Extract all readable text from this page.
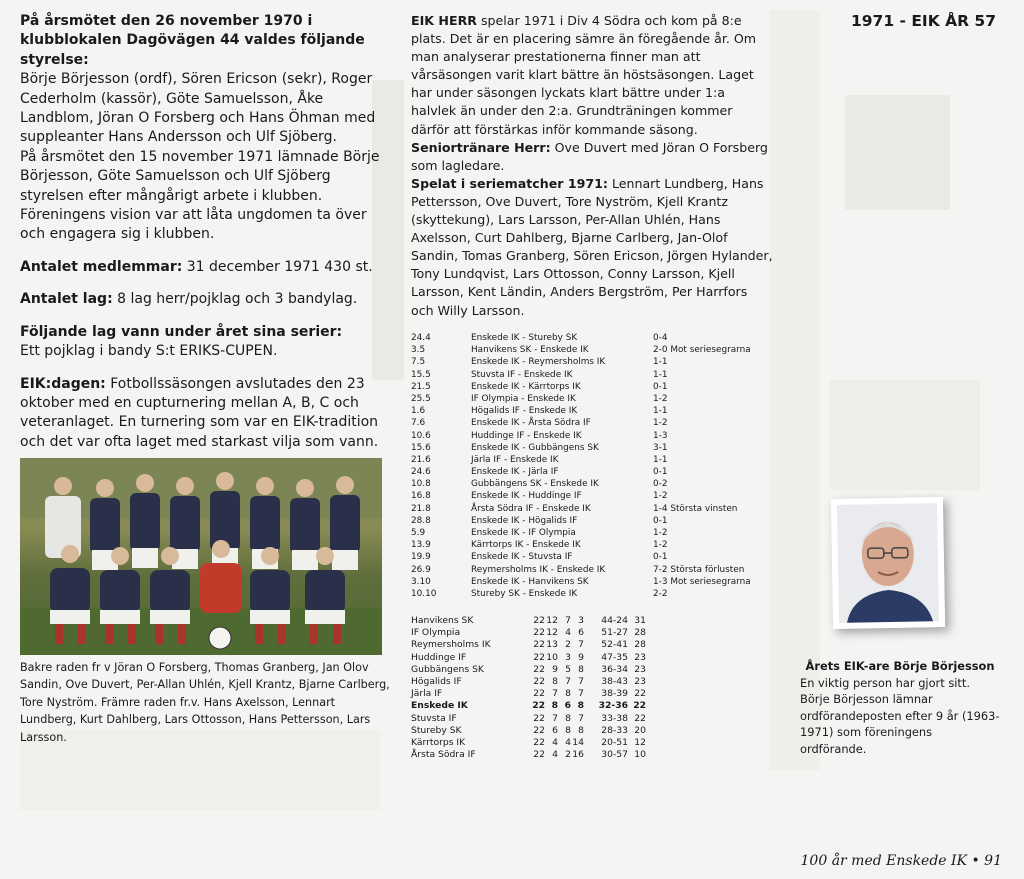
1971 - EIK ÅR 57

På årsmötet den 26 november 1970 i klubblokalen Dagövägen 44 valdes följande styrelse:
Börje Börjesson (ordf), Sören Ericson (sekr), Roger Cederholm (kassör), Göte Samuelsson, Åke Landblom, Jöran O Forsberg och Hans Öhman med suppleanter Hans Andersson och Ulf Sjöberg.

På årsmötet den 15 november 1971 lämnade Börje Börjesson, Göte Samuelsson och Ulf Sjöberg styrelsen efter mångårigt arbete i klubben. Föreningens vision var att låta ungdomen ta över och engagera sig i klubben.

Antalet medlemmar: 31 december 1971 430 st.

Antalet lag: 8 lag herr/pojklag och 3 bandylag.

Följande lag vann under året sina serier:
Ett pojklag i bandy S:t ERIKS-CUPEN.

EIK:dagen: Fotbollssäsongen avslutades den 23 oktober med en cupturnering mellan A, B, C och veteranlaget. En turnering som var en EIK-tradition och det var ofta laget med starkast vilja som vann.

Bakre raden fr v Jöran O Forsberg, Thomas Granberg, Jan Olov Sandin, Ove Duvert, Per-Allan Uhlén, Kjell Krantz, Bjarne Carlberg, Tore Nyström. Främre raden fr.v. Hans Axelsson, Lennart Lundberg, Kurt Dahlberg, Lars Ottosson, Hans Pettersson, Lars Larsson.

EIK HERR spelar 1971 i Div 4 Södra och kom på 8:e plats. Det är en placering sämre än föregående år. Om man analyserar prestationerna finner man att vårsäsongen varit klart bättre än höstsäsongen. Laget har under säsongen lyckats klart bättre under 1:a halvlek än under den 2:a. Grundträningen kommer därför att förstärkas inför kommande säsong.

Seniortränare Herr: Ove Duvert med Jöran O Forsberg som lagledare.

Spelat i seriematcher 1971: Lennart Lundberg, Hans Pettersson, Ove Duvert, Tore Nyström, Kjell Krantz (skyttekung), Lars Larsson, Per-Allan Uhlén, Hans Axelsson, Curt Dahlberg, Bjarne Carlberg, Jan-Olof Sandin, Tomas Granberg, Sören Ericson, Jörgen Hylander, Tony Lundqvist, Lars Ottosson, Conny Larsson, Kjell Larsson, Kent Ländin, Anders Bergström, Per Harrfors och Willy Larsson.

24.4	Enskede IK - Stureby SK	0-4
3.5	Hanvikens SK - Enskede IK	2-0 Mot seriesegrarna
7.5	Enskede IK - Reymersholms IK	1-1
15.5	Stuvsta IF - Enskede IK	1-1
21.5	Enskede IK - Kärrtorps IK	0-1
25.5	IF Olympia - Enskede IK	1-2
1.6	Högalids IF - Enskede IK	1-1
7.6	Enskede IK - Årsta Södra IF	1-2
10.6	Huddinge IF - Enskede IK	1-3
15.6	Enskede IK - Gubbängens SK	3-1
21.6	Järla IF - Enskede IK	1-1
24.6	Enskede IK - Järla IF	0-1
10.8	Gubbängens SK - Enskede IK	0-2
16.8	Enskede IK - Huddinge IF	1-2
21.8	Årsta Södra IF - Enskede IK	1-4 Största vinsten
28.8	Enskede IK - Högalids IF	0-1
5.9	Enskede IK - IF Olympia	1-2
13.9	Kärrtorps IK - Enskede IK	1-2
19.9	Enskede IK - Stuvsta IF	0-1
26.9	Reymersholms IK - Enskede IK	7-2 Största förlusten
3.10	Enskede IK - Hanvikens SK	1-3 Mot seriesegrarna
10.10	Stureby SK - Enskede IK	2-2
Hanvikens SK	22 12 7 3	44-24 31
IF Olympia	22 12 4 6	51-27 28
Reymersholms IK	22 13 2 7	52-41 28
Huddinge IF	22 10 3 9	47-35 23
Gubbängens SK	22 9 5 8	36-34 23
Högalids IF	22 8 7 7	38-43 23
Järla IF	22 7 8 7	38-39 22
Enskede IK	22 8 6 8	32-36 22
Stuvsta IF	22 7 8 7	33-38 22
Stureby SK	22 6 8 8	28-33 20
Kärrtorps IK	22 4 4 14	20-51 12
Årsta Södra IF	22 4 2 16	30-57 10
Årets EIK-are Börje Börjesson
En viktig person har gjort sitt. Börje Börjesson lämnar ordförandeposten efter 9 år (1963-1971) som föreningens ordförande.
100 år med Enskede IK • 91
